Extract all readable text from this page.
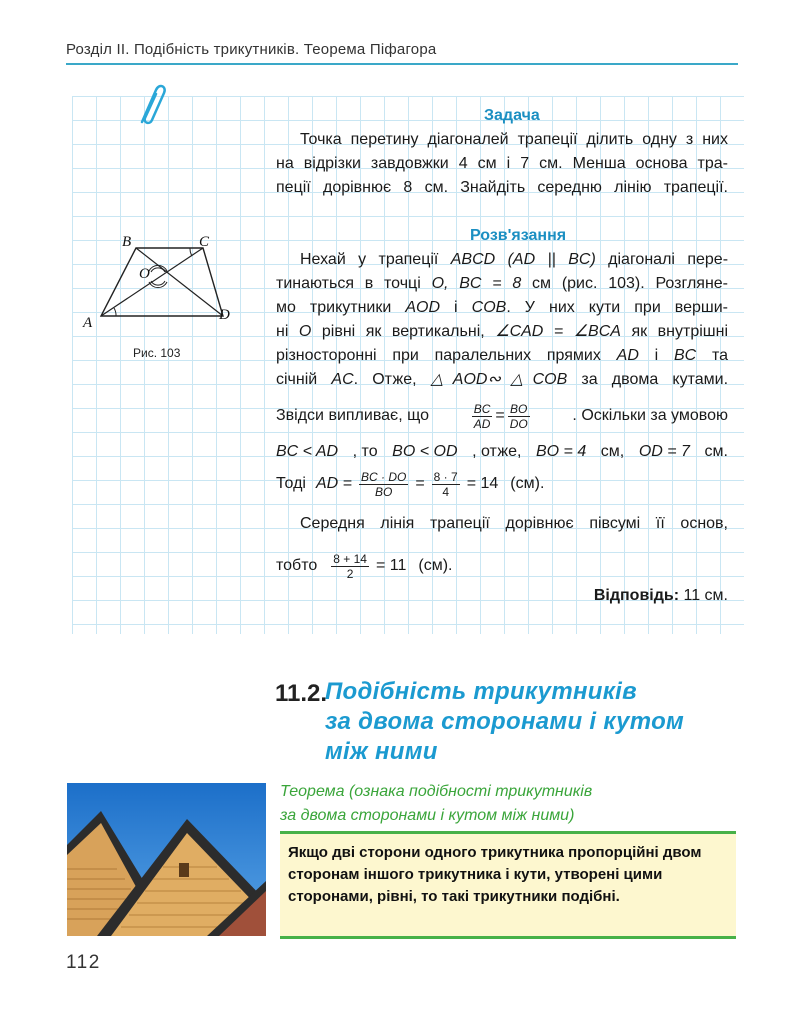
Розділ ІІ. Подібність трикутників. Теорема Піфагора
Задача
Точка перетину діагоналей трапеції ділить одну з них
на відрізки завдовжки 4 см і 7 см. Менша основа тра-
пеції дорівнює 8 см. Знайдіть середню лінію трапеції.
Розв'язання
Нехай у трапеції ABCD (AD || BC) діагоналі пере-
тинаються в точці O, BC = 8 см (рис. 103). Розгляне-
мо трикутники AOD і COB. У них кути при верши-
ні O рівні як вертикальні, ∠CAD = ∠BCA як внутрішні
різносторонні при паралельних прямих AD і BC та
січній AC. Отже, △AOD∾△COB за двома кутами.
Звідси випливає, що	$\frac{BC}{AD} = \frac{BO}{DO}$	. Оскільки за умовою
BC < AD , то BO < OD , отже, BO = 4 см, OD = 7 см.
Тоді AD = $\frac{BC \cdot DO}{BO} = \frac{8 \cdot 7}{4} = 14$ (см).
Середня лінія трапеції дорівнює півсумі її основ,
тобто $\frac{8 + 14}{2} = 11$ (см).
Відповідь: 11 см.
B	C
A	D
O
Рис. 103
11.2.
Подібність трикутників
за двома сторонами і кутом
між ними
Теорема (ознака подібності трикутників
за двома сторонами і кутом між ними)
Якщо дві сторони одного трикутника пропорційні двом сторонам іншого трикутника і кути, утворені цими сторонами, рівні, то такі трикутники подібні.
112
